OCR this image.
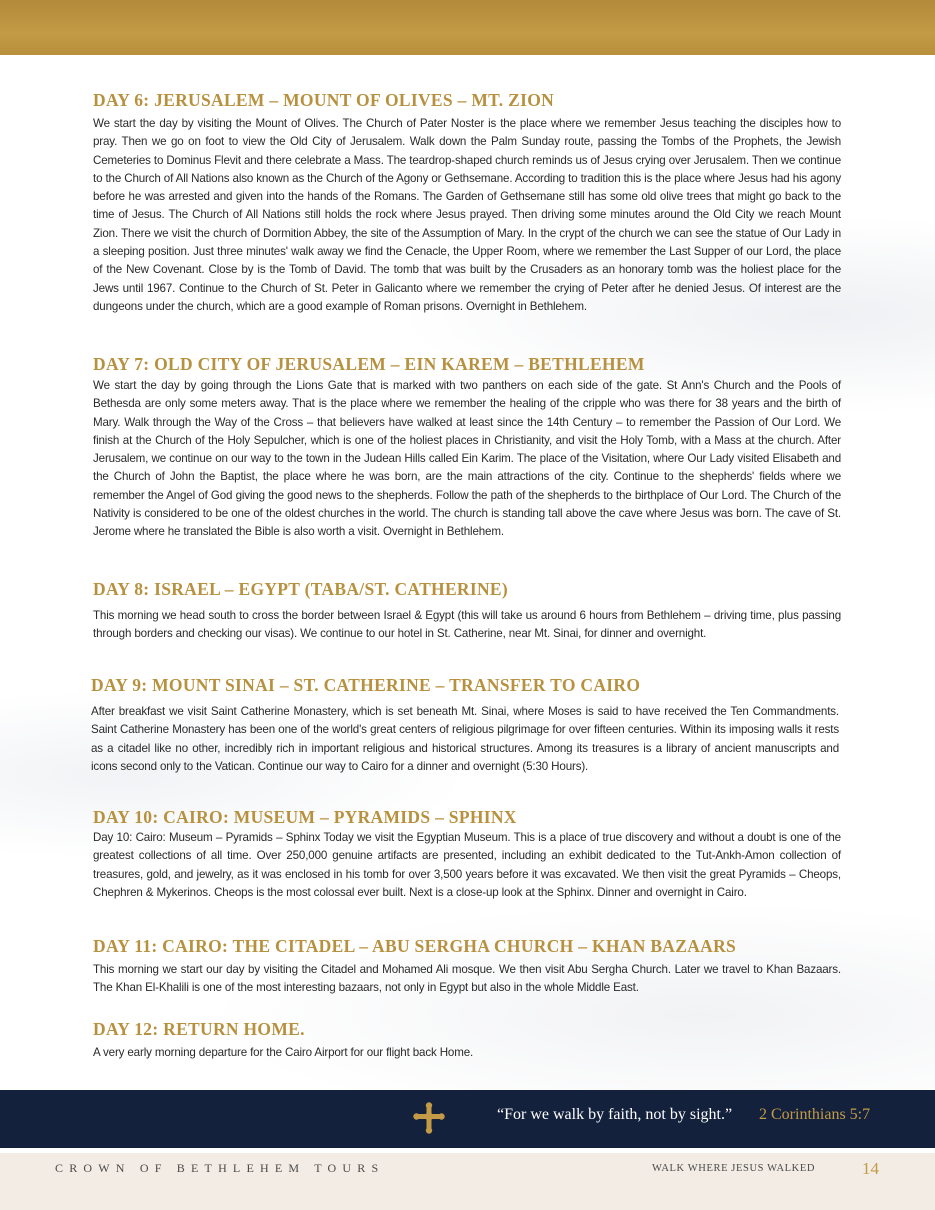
DAY 6: JERUSALEM – MOUNT OF OLIVES – MT. ZION

We start the day by visiting the Mount of Olives. The Church of Pater Noster is the place where we remember Jesus teaching the disciples how to pray. Then we go on foot to view the Old City of Jerusalem. Walk down the Palm Sunday route, passing the Tombs of the Prophets, the Jewish Cemeteries to Dominus Flevit and there celebrate a Mass. The teardrop-shaped church reminds us of Jesus crying over Jerusalem. Then we continue to the Church of All Nations also known as the Church of the Agony or Gethsemane. According to tradition this is the place where Jesus had his agony before he was arrested and given into the hands of the Romans. The Garden of Gethsemane still has some old olive trees that might go back to the time of Jesus. The Church of All Nations still holds the rock where Jesus prayed. Then driving some minutes around the Old City we reach Mount Zion. There we visit the church of Dormition Abbey, the site of the Assumption of Mary. In the crypt of the church we can see the statue of Our Lady in a sleeping position. Just three minutes' walk away we find the Cenacle, the Upper Room, where we remember the Last Supper of our Lord, the place of the New Covenant. Close by is the Tomb of David. The tomb that was built by the Crusaders as an honorary tomb was the holiest place for the Jews until 1967. Continue to the Church of St. Peter in Galicanto where we remember the crying of Peter after he denied Jesus. Of interest are the dungeons under the church, which are a good example of Roman prisons. Overnight in Bethlehem.

DAY 7: OLD CITY OF JERUSALEM – EIN KAREM – BETHLEHEM

We start the day by going through the Lions Gate that is marked with two panthers on each side of the gate. St Ann's Church and the Pools of Bethesda are only some meters away. That is the place where we remember the healing of the cripple who was there for 38 years and the birth of Mary. Walk through the Way of the Cross – that believers have walked at least since the 14th Century – to remember the Passion of Our Lord. We finish at the Church of the Holy Sepulcher, which is one of the holiest places in Christianity, and visit the Holy Tomb, with a Mass at the church. After Jerusalem, we continue on our way to the town in the Judean Hills called Ein Karim. The place of the Visitation, where Our Lady visited Elisabeth and the Church of John the Baptist, the place where he was born, are the main attractions of the city. Continue to the shepherds' fields where we remember the Angel of God giving the good news to the shepherds. Follow the path of the shepherds to the birthplace of Our Lord. The Church of the Nativity is considered to be one of the oldest churches in the world. The church is standing tall above the cave where Jesus was born. The cave of St. Jerome where he translated the Bible is also worth a visit. Overnight in Bethlehem.

DAY 8: ISRAEL – EGYPT (TABA/ST. CATHERINE)

This morning we head south to cross the border between Israel & Egypt (this will take us around 6 hours from Bethlehem – driving time, plus passing through borders and checking our visas). We continue to our hotel in St. Catherine, near Mt. Sinai, for dinner and overnight.

DAY 9: MOUNT SINAI – ST. CATHERINE – TRANSFER TO CAIRO

After breakfast we visit Saint Catherine Monastery, which is set beneath Mt. Sinai, where Moses is said to have received the Ten Commandments. Saint Catherine Monastery has been one of the world's great centers of religious pilgrimage for over fifteen centuries. Within its imposing walls it rests as a citadel like no other, incredibly rich in important religious and historical structures. Among its treasures is a library of ancient manuscripts and icons second only to the Vatican. Continue our way to Cairo for a dinner and overnight (5:30 Hours).

DAY 10: CAIRO: MUSEUM – PYRAMIDS – SPHINX

Day 10: Cairo: Museum – Pyramids – Sphinx Today we visit the Egyptian Museum. This is a place of true discovery and without a doubt is one of the greatest collections of all time. Over 250,000 genuine artifacts are presented, including an exhibit dedicated to the Tut-Ankh-Amon collection of treasures, gold, and jewelry, as it was enclosed in his tomb for over 3,500 years before it was excavated. We then visit the great Pyramids – Cheops, Chephren & Mykerinos. Cheops is the most colossal ever built. Next is a close-up look at the Sphinx. Dinner and overnight in Cairo.

DAY 11: CAIRO: THE CITADEL – ABU SERGHA CHURCH – KHAN BAZAARS

This morning we start our day by visiting the Citadel and Mohamed Ali mosque. We then visit Abu Sergha Church. Later we travel to Khan Bazaars. The Khan El-Khalili is one of the most interesting bazaars, not only in Egypt but also in the whole Middle East.

DAY 12: RETURN HOME.

A very early morning departure for the Cairo Airport for our flight back Home.

“For we walk by faith, not by sight.” 2 Corinthians 5:7
CROWN OF BETHLEHEM TOURS	WALK WHERE JESUS WALKED	14
